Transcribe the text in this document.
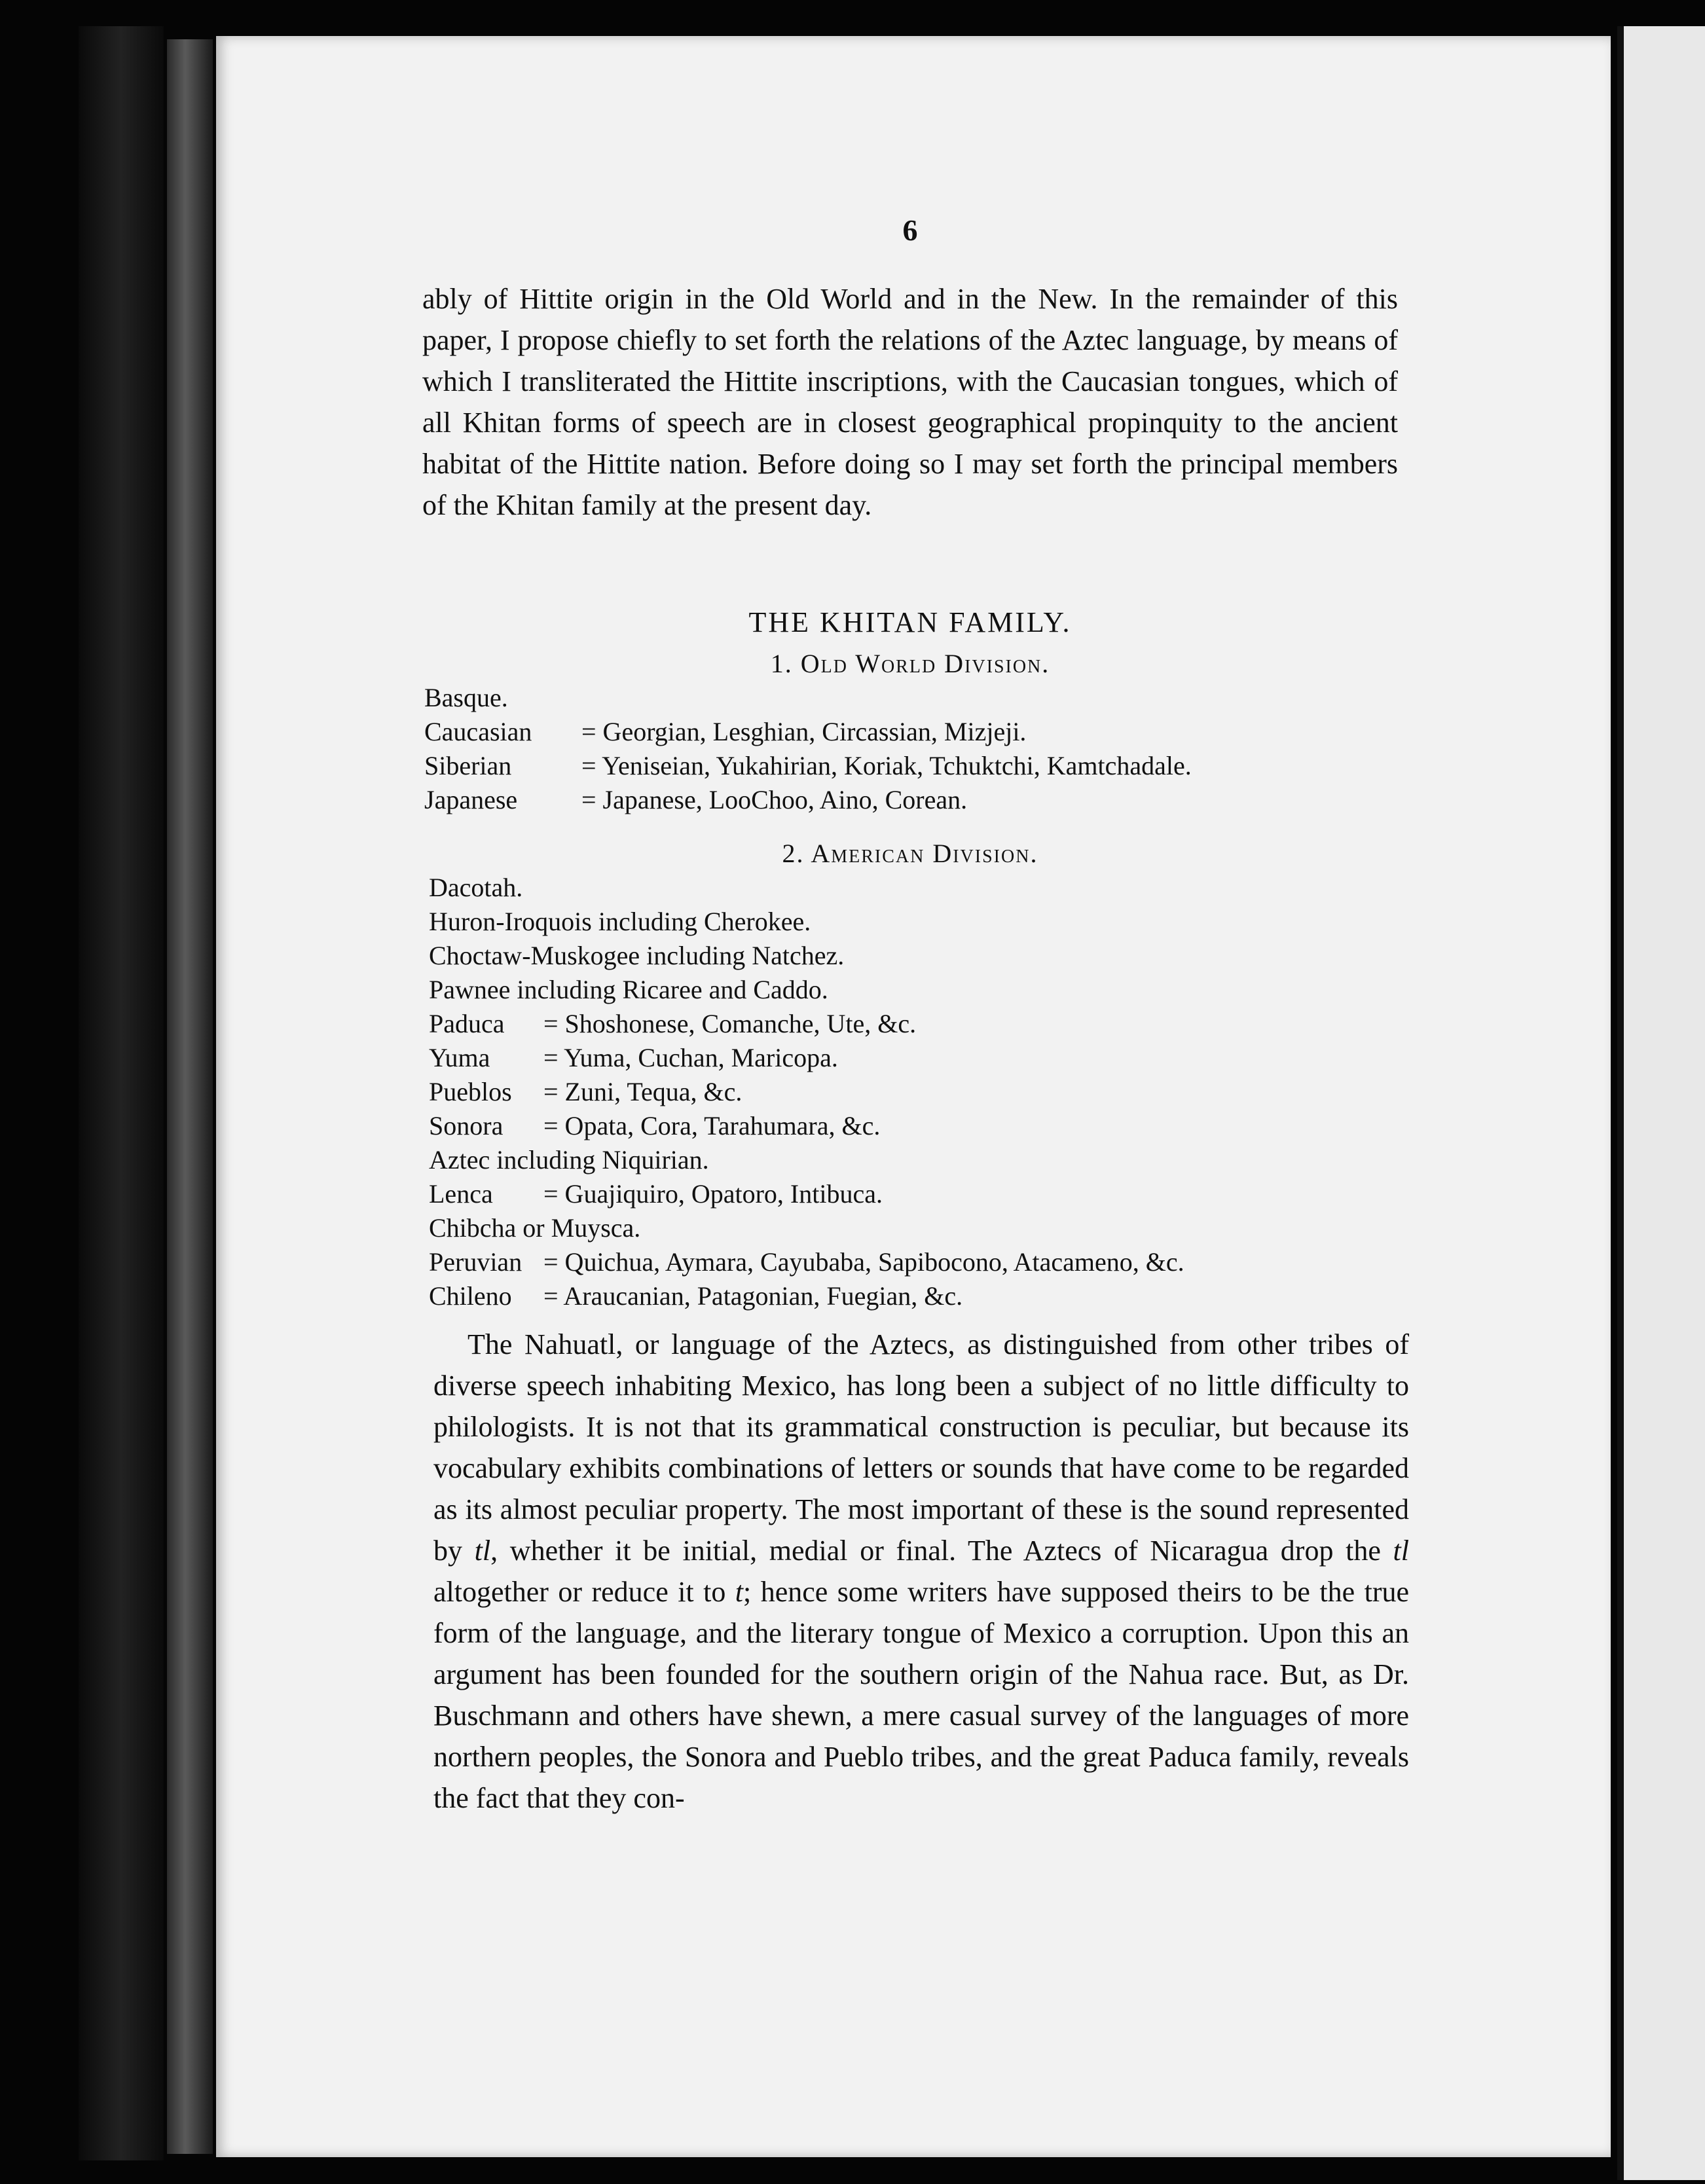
6

ably of Hittite origin in the Old World and in the New. In the remainder of this paper, I propose chiefly to set forth the relations of the Aztec language, by means of which I transliterated the Hittite inscriptions, with the Caucasian tongues, which of all Khitan forms of speech are in closest geographical propinquity to the ancient habitat of the Hittite nation. Before doing so I may set forth the principal members of the Khitan family at the present day.

THE KHITAN FAMILY.
1. Old World Division.
Basque.
Caucasian = Georgian, Lesghian, Circassian, Mizjeji.
Siberian	= Yeniseian, Yukahirian, Koriak, Tchuktchi, Kamtchadale.
Japanese = Japanese, LooChoo, Aino, Corean.
2. American Division.
Dacotah.
Huron-Iroquois including Cherokee.
Choctaw-Muskogee including Natchez.
Pawnee including Ricaree and Caddo.
Paduca = Shoshonese, Comanche, Ute, &c.
Yuma = Yuma, Cuchan, Maricopa.
Pueblos = Zuni, Tequa, &c.
Sonora = Opata, Cora, Tarahumara, &c.
Aztec including Niquirian.
Lenca = Guajiquiro, Opatoro, Intibuca.
Chibcha or Muysca.
Peruvian = Quichua, Aymara, Cayubaba, Sapibocono, Atacameno, &c.
Chileno = Araucanian, Patagonian, Fuegian, &c.

The Nahuatl, or language of the Aztecs, as distinguished from other tribes of diverse speech inhabiting Mexico, has long been a subject of no little difficulty to philologists. It is not that its grammatical construction is peculiar, but because its vocabulary exhibits combinations of letters or sounds that have come to be regarded as its almost peculiar property. The most important of these is the sound represented by tl, whether it be initial, medial or final. The Aztecs of Nicaragua drop the tl altogether or reduce it to t; hence some writers have supposed theirs to be the true form of the language, and the literary tongue of Mexico a corruption. Upon this an argument has been founded for the southern origin of the Nahua race. But, as Dr. Buschmann and others have shewn, a mere casual survey of the languages of more northern peoples, the Sonora and Pueblo tribes, and the great Paduca family, reveals the fact that they con-
